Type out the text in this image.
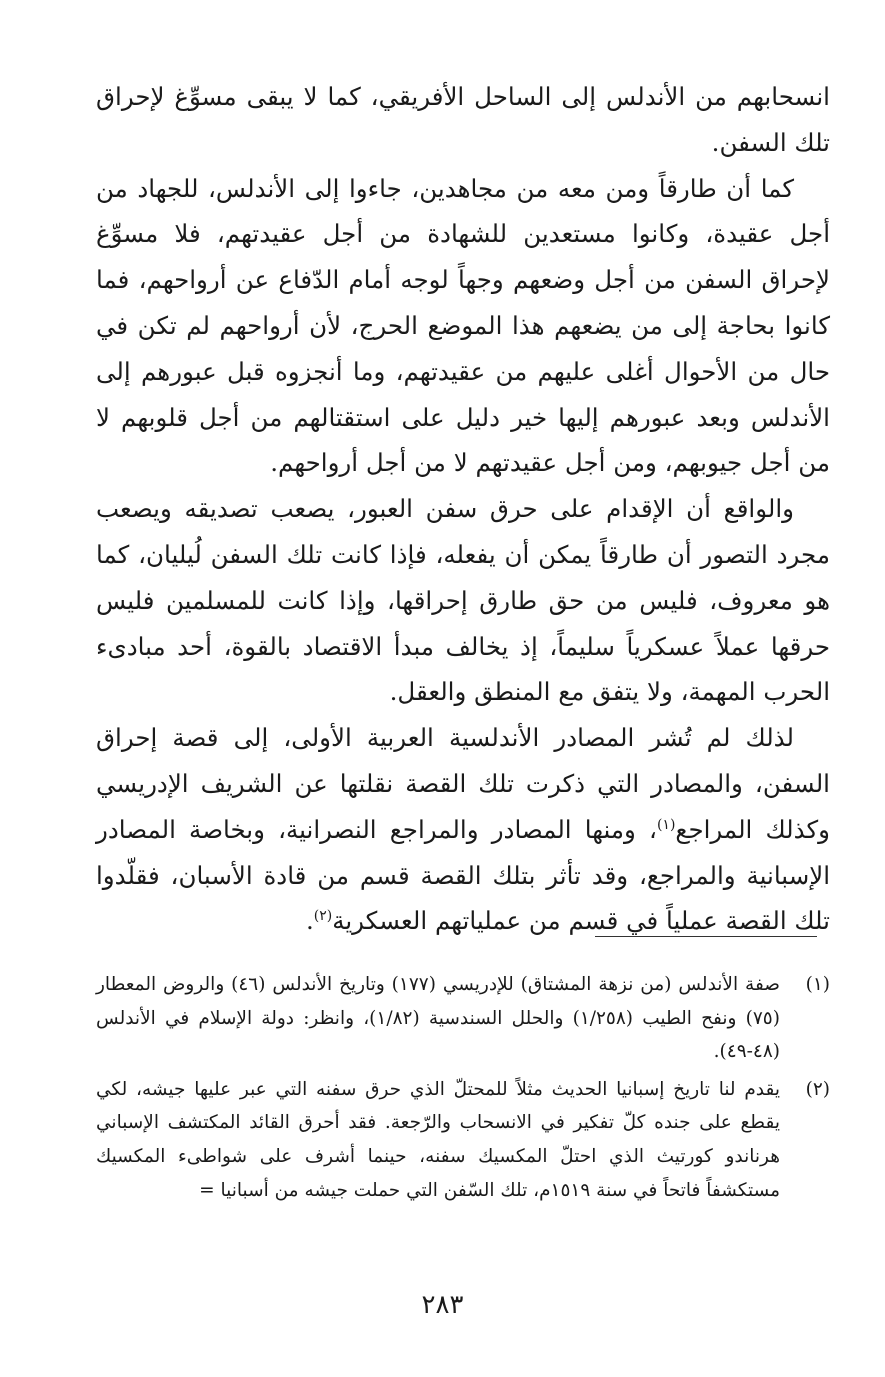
انسحابهم من الأندلس إلى الساحل الأفريقي، كما لا يبقى مسوِّغ لإحراق تلك السفن.

كما أن طارقاً ومن معه من مجاهدين، جاءوا إلى الأندلس، للجهاد من أجل عقيدة، وكانوا مستعدين للشهادة من أجل عقيدتهم، فلا مسوِّغ لإحراق السفن من أجل وضعهم وجهاً لوجه أمام الدّفاع عن أرواحهم، فما كانوا بحاجة إلى من يضعهم هذا الموضع الحرج، لأن أرواحهم لم تكن في حال من الأحوال أغلى عليهم من عقيدتهم، وما أنجزوه قبل عبورهم إلى الأندلس وبعد عبورهم إليها خير دليل على استقتالهم من أجل قلوبهم لا من أجل جيوبهم، ومن أجل عقيدتهم لا من أجل أرواحهم.

والواقع أن الإقدام على حرق سفن العبور، يصعب تصديقه ويصعب مجرد التصور أن طارقاً يمكن أن يفعله، فإذا كانت تلك السفن لُيليان، كما هو معروف، فليس من حق طارق إحراقها، وإذا كانت للمسلمين فليس حرقها عملاً عسكرياً سليماً، إذ يخالف مبدأ الاقتصاد بالقوة، أحد مبادىء الحرب المهمة، ولا يتفق مع المنطق والعقل.

لذلك لم تُشر المصادر الأندلسية العربية الأولى، إلى قصة إحراق السفن، والمصادر التي ذكرت تلك القصة نقلتها عن الشريف الإدريسي وكذلك المراجع$^{(١)}$، ومنها المصادر والمراجع النصرانية، وبخاصة المصادر الإسبانية والمراجع، وقد تأثر بتلك القصة قسم من قادة الأسبان، فقلّدوا تلك القصة عملياً في قسم من عملياتهم العسكرية$^{(٢)}$.

(١)
صفة الأندلس (من نزهة المشتاق) للإدريسي (١٧٧) وتاريخ الأندلس (٤٦) والروض المعطار (٧٥) ونفح الطيب (١/٢٥٨) والحلل السندسية (١/٨٢)، وانظر: دولة الإسلام في الأندلس (٤٨-٤٩).
(٢)
يقدم لنا تاريخ إسبانيا الحديث مثلاً للمحتلّ الذي حرق سفنه التي عبر عليها جيشه، لكي يقطع على جنده كلّ تفكير في الانسحاب والرّجعة. فقد أحرق القائد المكتشف الإسباني هرناندو كورتيث الذي احتلّ المكسيك سفنه، حينما أشرف على شواطىء المكسيك مستكشفاً فاتحاً في سنة ١٥١٩م، تلك السّفن التي حملت جيشه من أسبانيا =
٢٨٣
